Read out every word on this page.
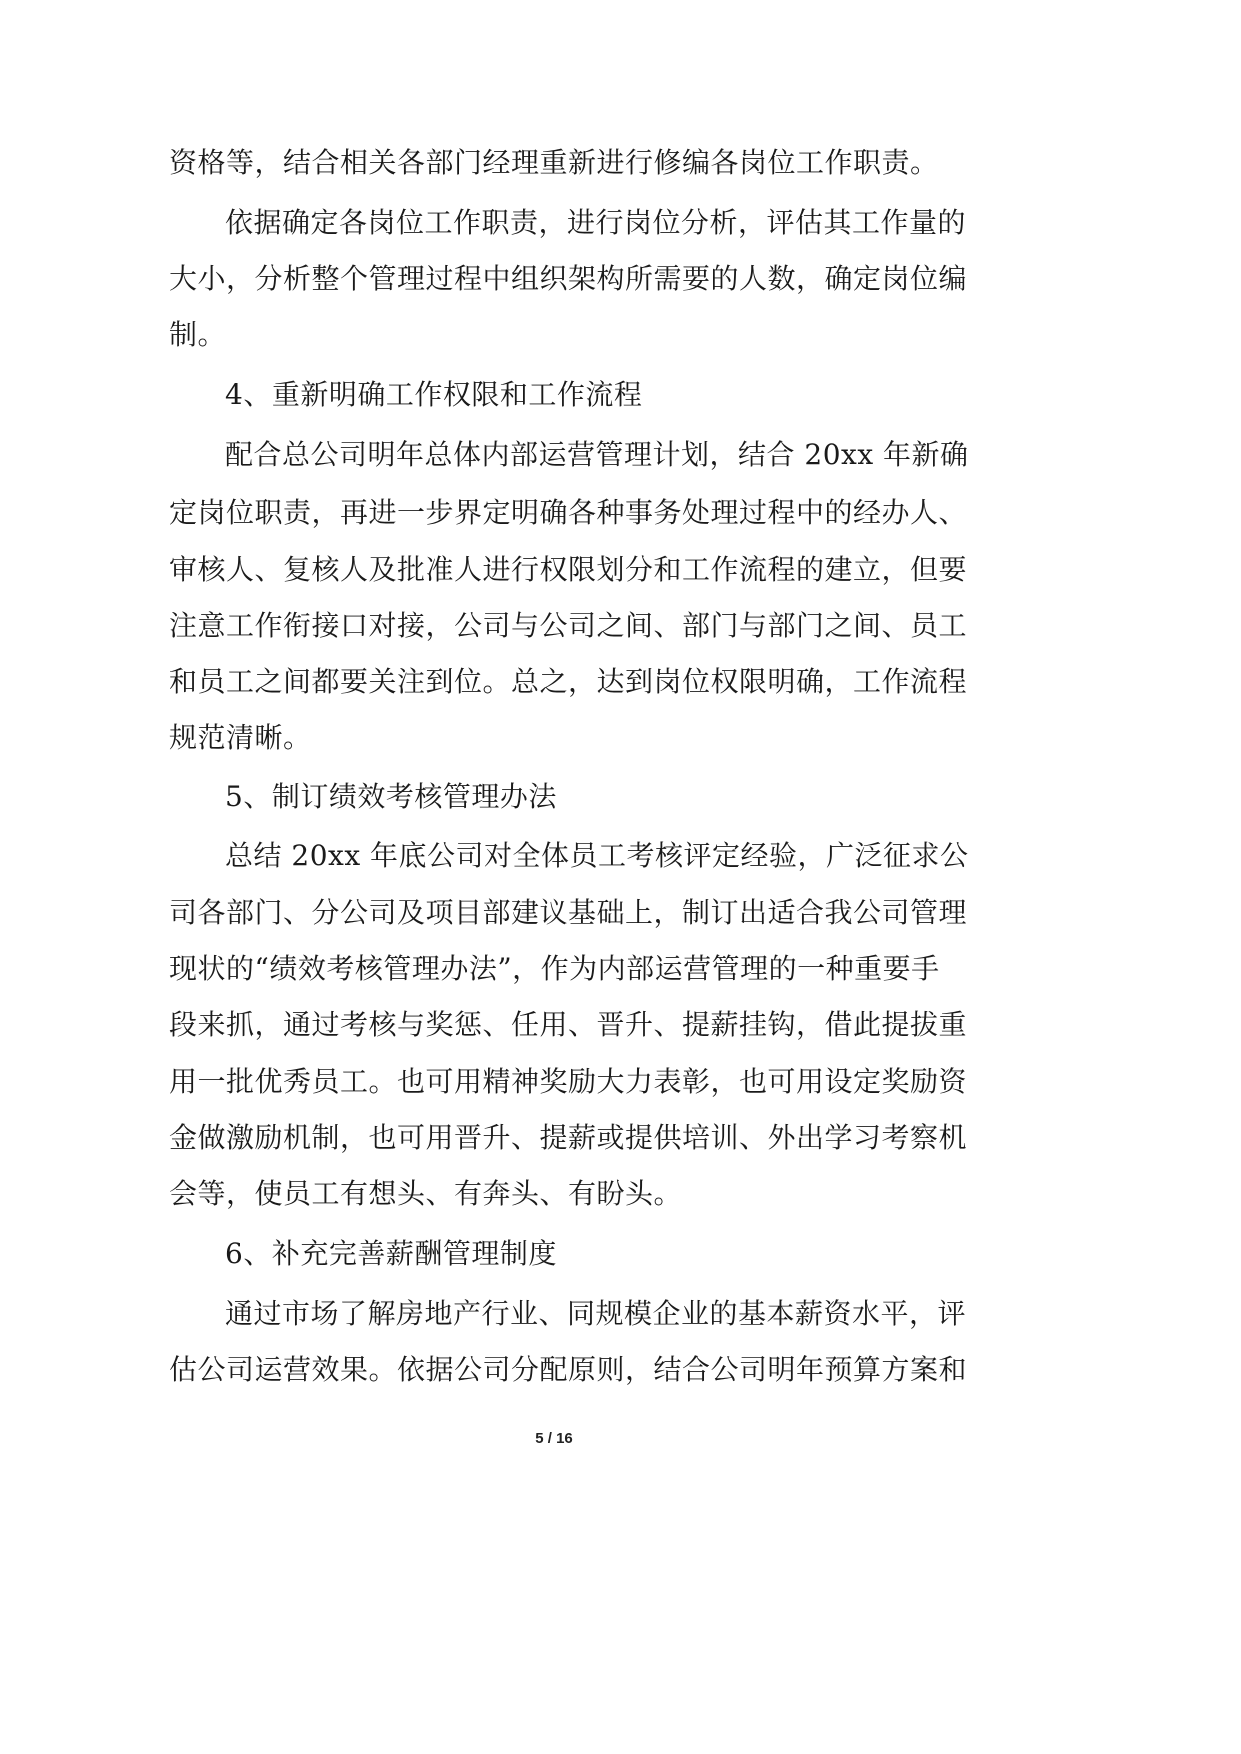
资格等，结合相关各部门经理重新进行修编各岗位工作职责。
依据确定各岗位工作职责，进行岗位分析，评估其工作量的
大小，分析整个管理过程中组织架构所需要的人数，确定岗位编
制。
4、重新明确工作权限和工作流程
配合总公司明年总体内部运营管理计划，结合 20xx 年新确
定岗位职责，再进一步界定明确各种事务处理过程中的经办人、
审核人、复核人及批准人进行权限划分和工作流程的建立，但要
注意工作衔接口对接，公司与公司之间、部门与部门之间、员工
和员工之间都要关注到位。总之，达到岗位权限明确，工作流程
规范清晰。
5、制订绩效考核管理办法
总结 20xx 年底公司对全体员工考核评定经验，广泛征求公
司各部门、分公司及项目部建议基础上，制订出适合我公司管理
现状的“绩效考核管理办法”，作为内部运营管理的一种重要手
段来抓，通过考核与奖惩、任用、晋升、提薪挂钩，借此提拔重
用一批优秀员工。也可用精神奖励大力表彰，也可用设定奖励资
金做激励机制，也可用晋升、提薪或提供培训、外出学习考察机
会等，使员工有想头、有奔头、有盼头。
6、补充完善薪酬管理制度
通过市场了解房地产行业、同规模企业的基本薪资水平，评
估公司运营效果。依据公司分配原则，结合公司明年预算方案和
5 / 16
